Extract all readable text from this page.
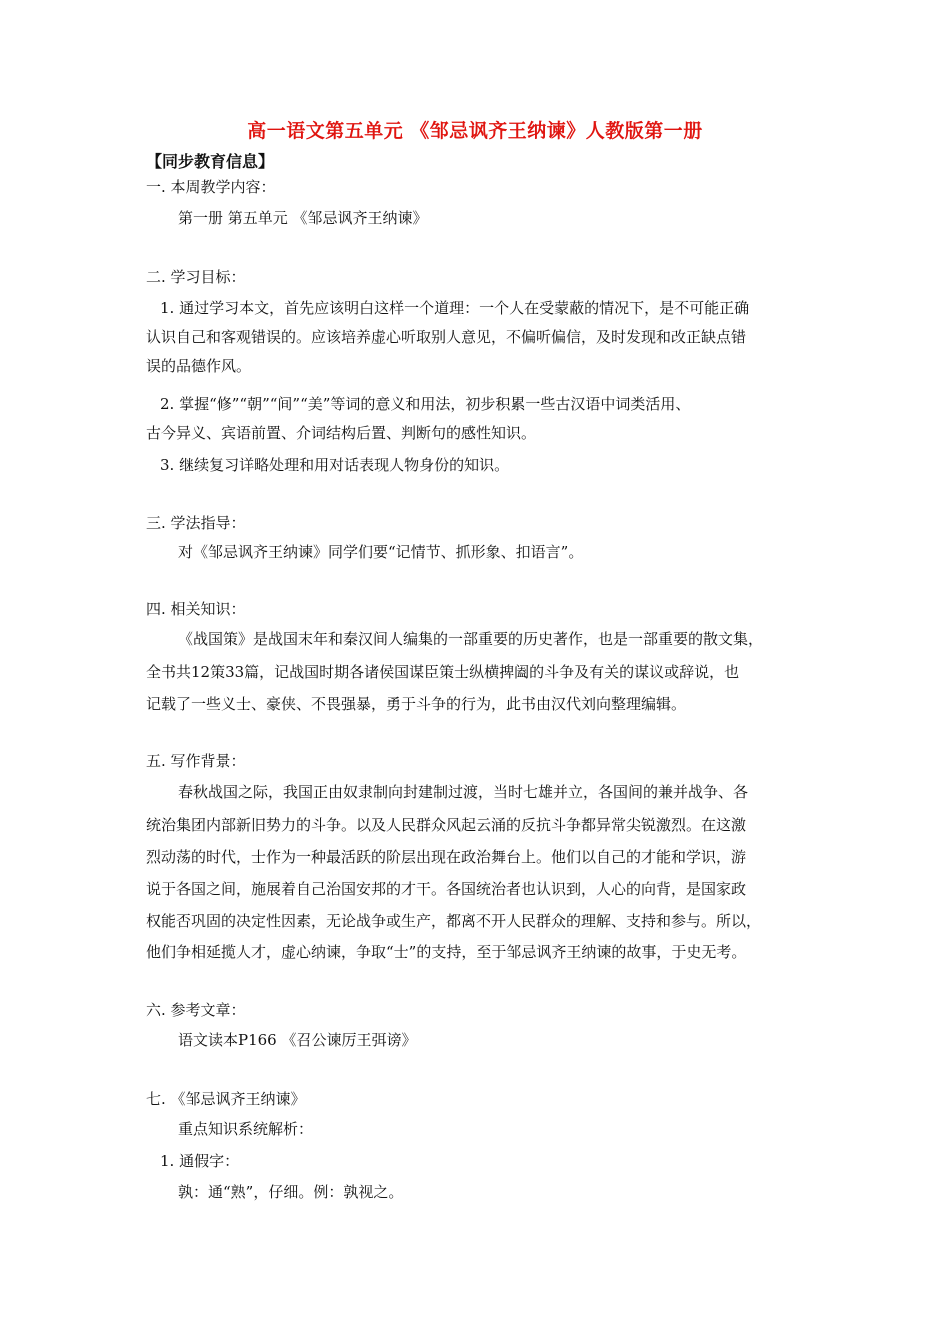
高一语文第五单元 《邹忌讽齐王纳谏》人教版第一册
【同步教育信息】
一. 本周教学内容：
第一册 第五单元 《邹忌讽齐王纳谏》
二. 学习目标：
1. 通过学习本文，首先应该明白这样一个道理：一个人在受蒙蔽的情况下，是不可能正确
认识自己和客观错误的。应该培养虚心听取别人意见，不偏听偏信，及时发现和改正缺点错
误的品德作风。
2. 掌握“修”“朝”“间”“美”等词的意义和用法，初步积累一些古汉语中词类活用、
古今异义、宾语前置、介词结构后置、判断句的感性知识。
3. 继续复习详略处理和用对话表现人物身份的知识。
三. 学法指导：
对《邹忌讽齐王纳谏》同学们要“记情节、抓形象、扣语言”。
四. 相关知识：
《战国策》是战国末年和秦汉间人编集的一部重要的历史著作，也是一部重要的散文集，
全书共12策33篇，记战国时期各诸侯国谋臣策士纵横捭阖的斗争及有关的谋议或辞说，也
记载了一些义士、豪侠、不畏强暴，勇于斗争的行为，此书由汉代刘向整理编辑。
五. 写作背景：
春秋战国之际，我国正由奴隶制向封建制过渡，当时七雄并立，各国间的兼并战争、各
统治集团内部新旧势力的斗争。以及人民群众风起云涌的反抗斗争都异常尖锐激烈。在这激
烈动荡的时代，士作为一种最活跃的阶层出现在政治舞台上。他们以自己的才能和学识，游
说于各国之间，施展着自己治国安邦的才干。各国统治者也认识到，人心的向背，是国家政
权能否巩固的决定性因素，无论战争或生产，都离不开人民群众的理解、支持和参与。所以，
他们争相延揽人才，虚心纳谏，争取“士”的支持，至于邹忌讽齐王纳谏的故事，于史无考。
六. 参考文章：
语文读本P166 《召公谏厉王弭谤》
七. 《邹忌讽齐王纳谏》
重点知识系统解析：
1. 通假字：
孰：通“熟”，仔细。例：孰视之。
